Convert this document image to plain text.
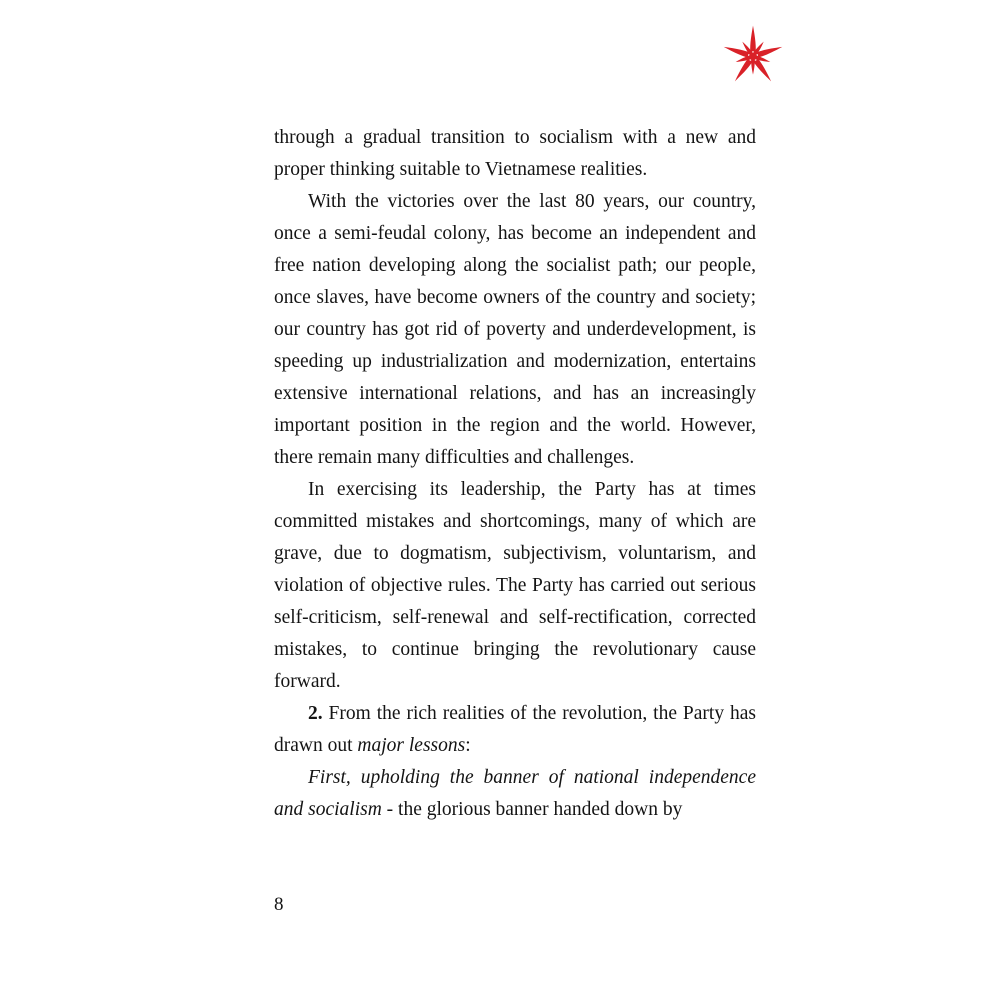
through a gradual transition to socialism with a new and proper thinking suitable to Vietnamese realities.

With the victories over the last 80 years, our country, once a semi-feudal colony, has become an independent and free nation developing along the socialist path; our people, once slaves, have become owners of the country and society; our country has got rid of poverty and underdevelopment, is speeding up industrialization and modernization, entertains extensive international relations, and has an increasingly important position in the region and the world. However, there remain many difficulties and challenges.

In exercising its leadership, the Party has at times committed mistakes and shortcomings, many of which are grave, due to dogmatism, subjectivism, voluntarism, and violation of objective rules. The Party has carried out serious self-criticism, self-renewal and self-rectification, corrected mistakes, to continue bringing the revolutionary cause forward.

2. From the rich realities of the revolution, the Party has drawn out major lessons:

First, upholding the banner of national independence and socialism - the glorious banner handed down by

8
